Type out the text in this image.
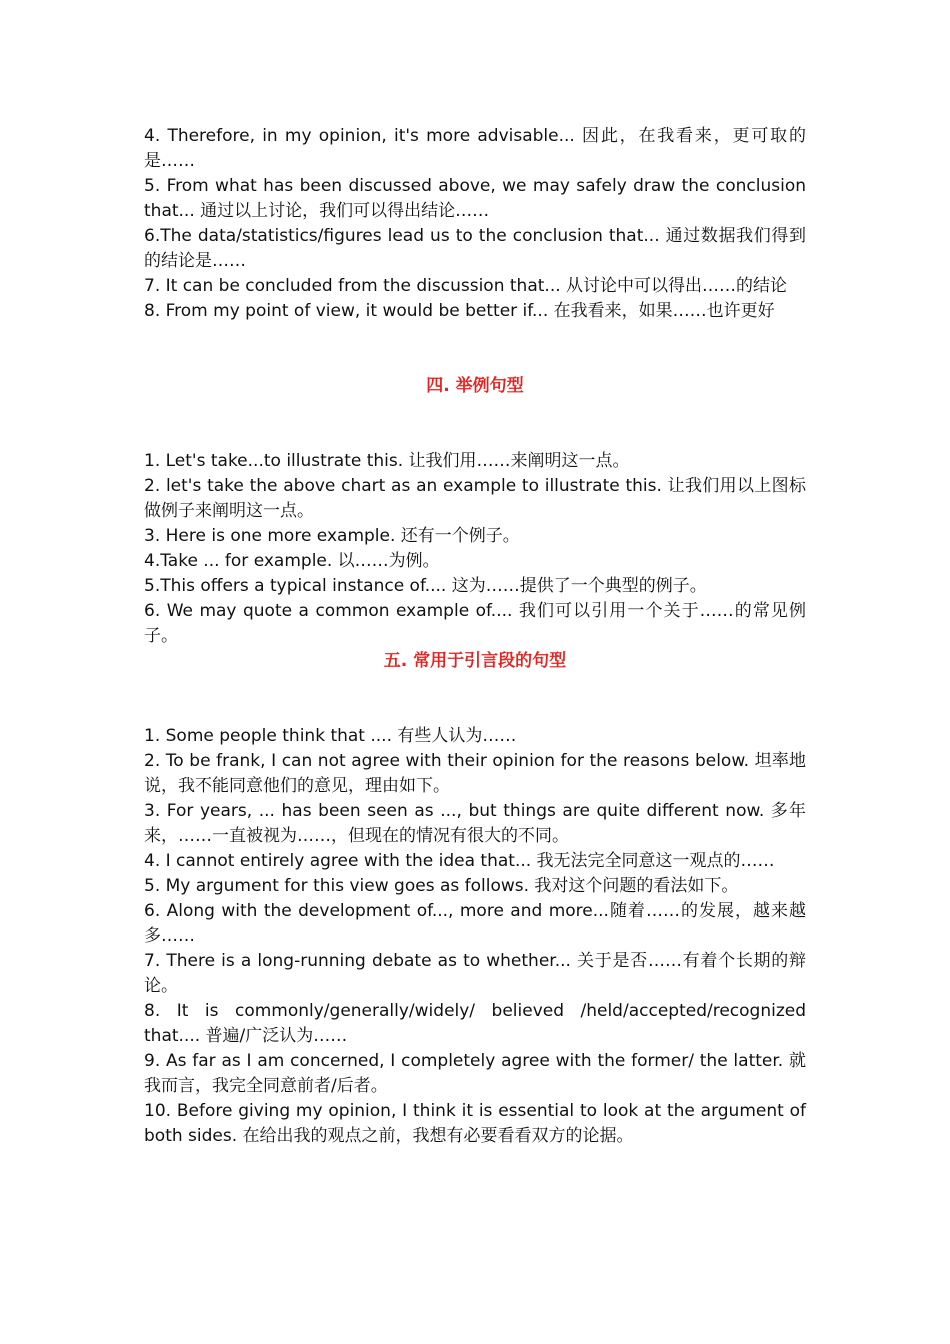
4. Therefore, in my opinion, it's more advisable... 因此，在我看来，更可取的是……

5. From what has been discussed above, we may safely draw the conclusion that... 通过以上讨论，我们可以得出结论……

6.The data/statistics/figures lead us to the conclusion that... 通过数据我们得到的结论是……

7. It can be concluded from the discussion that... 从讨论中可以得出……的结论

8. From my point of view, it would be better if... 在我看来，如果……也许更好

四. 举例句型

1. Let's take...to illustrate this. 让我们用……来阐明这一点。

2. let's take the above chart as an example to illustrate this. 让我们用以上图标做例子来阐明这一点。

3. Here is one more example. 还有一个例子。

4.Take ... for example. 以……为例。

5.This offers a typical instance of.... 这为……提供了一个典型的例子。

6. We may quote a common example of.... 我们可以引用一个关于……的常见例子。

五. 常用于引言段的句型

1. Some people think that .... 有些人认为……

2. To be frank, I can not agree with their opinion for the reasons below. 坦率地说，我不能同意他们的意见，理由如下。

3. For years, ... has been seen as ..., but things are quite different now. 多年来，……一直被视为……，但现在的情况有很大的不同。

4. I cannot entirely agree with the idea that... 我无法完全同意这一观点的……

5. My argument for this view goes as follows. 我对这个问题的看法如下。

6. Along with the development of..., more and more...随着……的发展，越来越多……

7. There is a long-running debate as to whether... 关于是否……有着个长期的辩论。

8. It is commonly/generally/widely/ believed /held/accepted/recognized that.... 普遍/广泛认为……

9. As far as I am concerned, I completely agree with the former/ the latter. 就我而言，我完全同意前者/后者。

10. Before giving my opinion, I think it is essential to look at the argument of both sides. 在给出我的观点之前，我想有必要看看双方的论据。
